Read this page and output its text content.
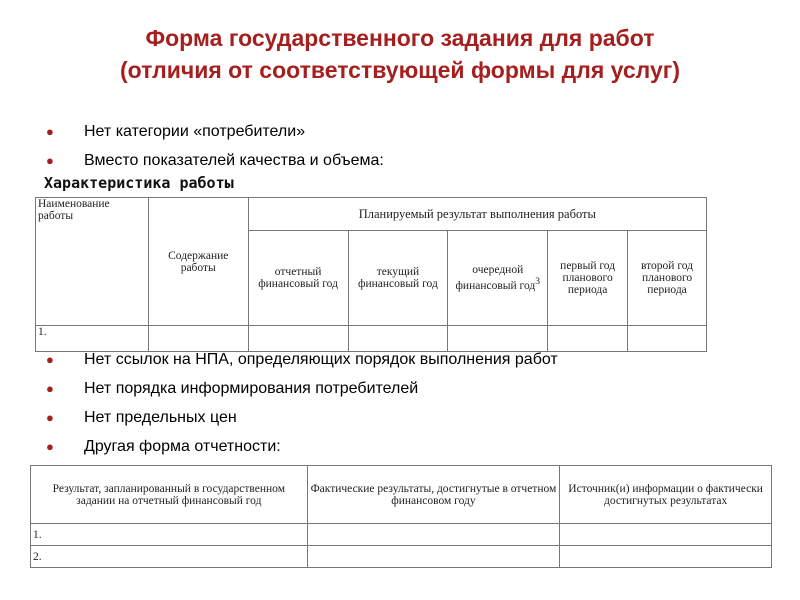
Форма государственного задания для работ
(отличия от соответствующей формы для услуг)
● Нет категории «потребители»
● Вместо показателей качества и объема:
Характеристика работы
Наименование работы	Содержание работы	Планируемый результат выполнения работы				
		отчетный финансовый год	текущий финансовый год	очередной финансовый год$^3$	первый год планового периода	второй год планового периода
1.						
● Нет ссылок на НПА, определяющих порядок выполнения работ
● Нет порядка информирования потребителей
● Нет предельных цен
● Другая форма отчетности:
Результат, запланированный в государственном задании на отчетный финансовый год	Фактические результаты, достигнутые в отчетном финансовом году	Источник(и) информации о фактически достигнутых результатах
1.		
2.		
